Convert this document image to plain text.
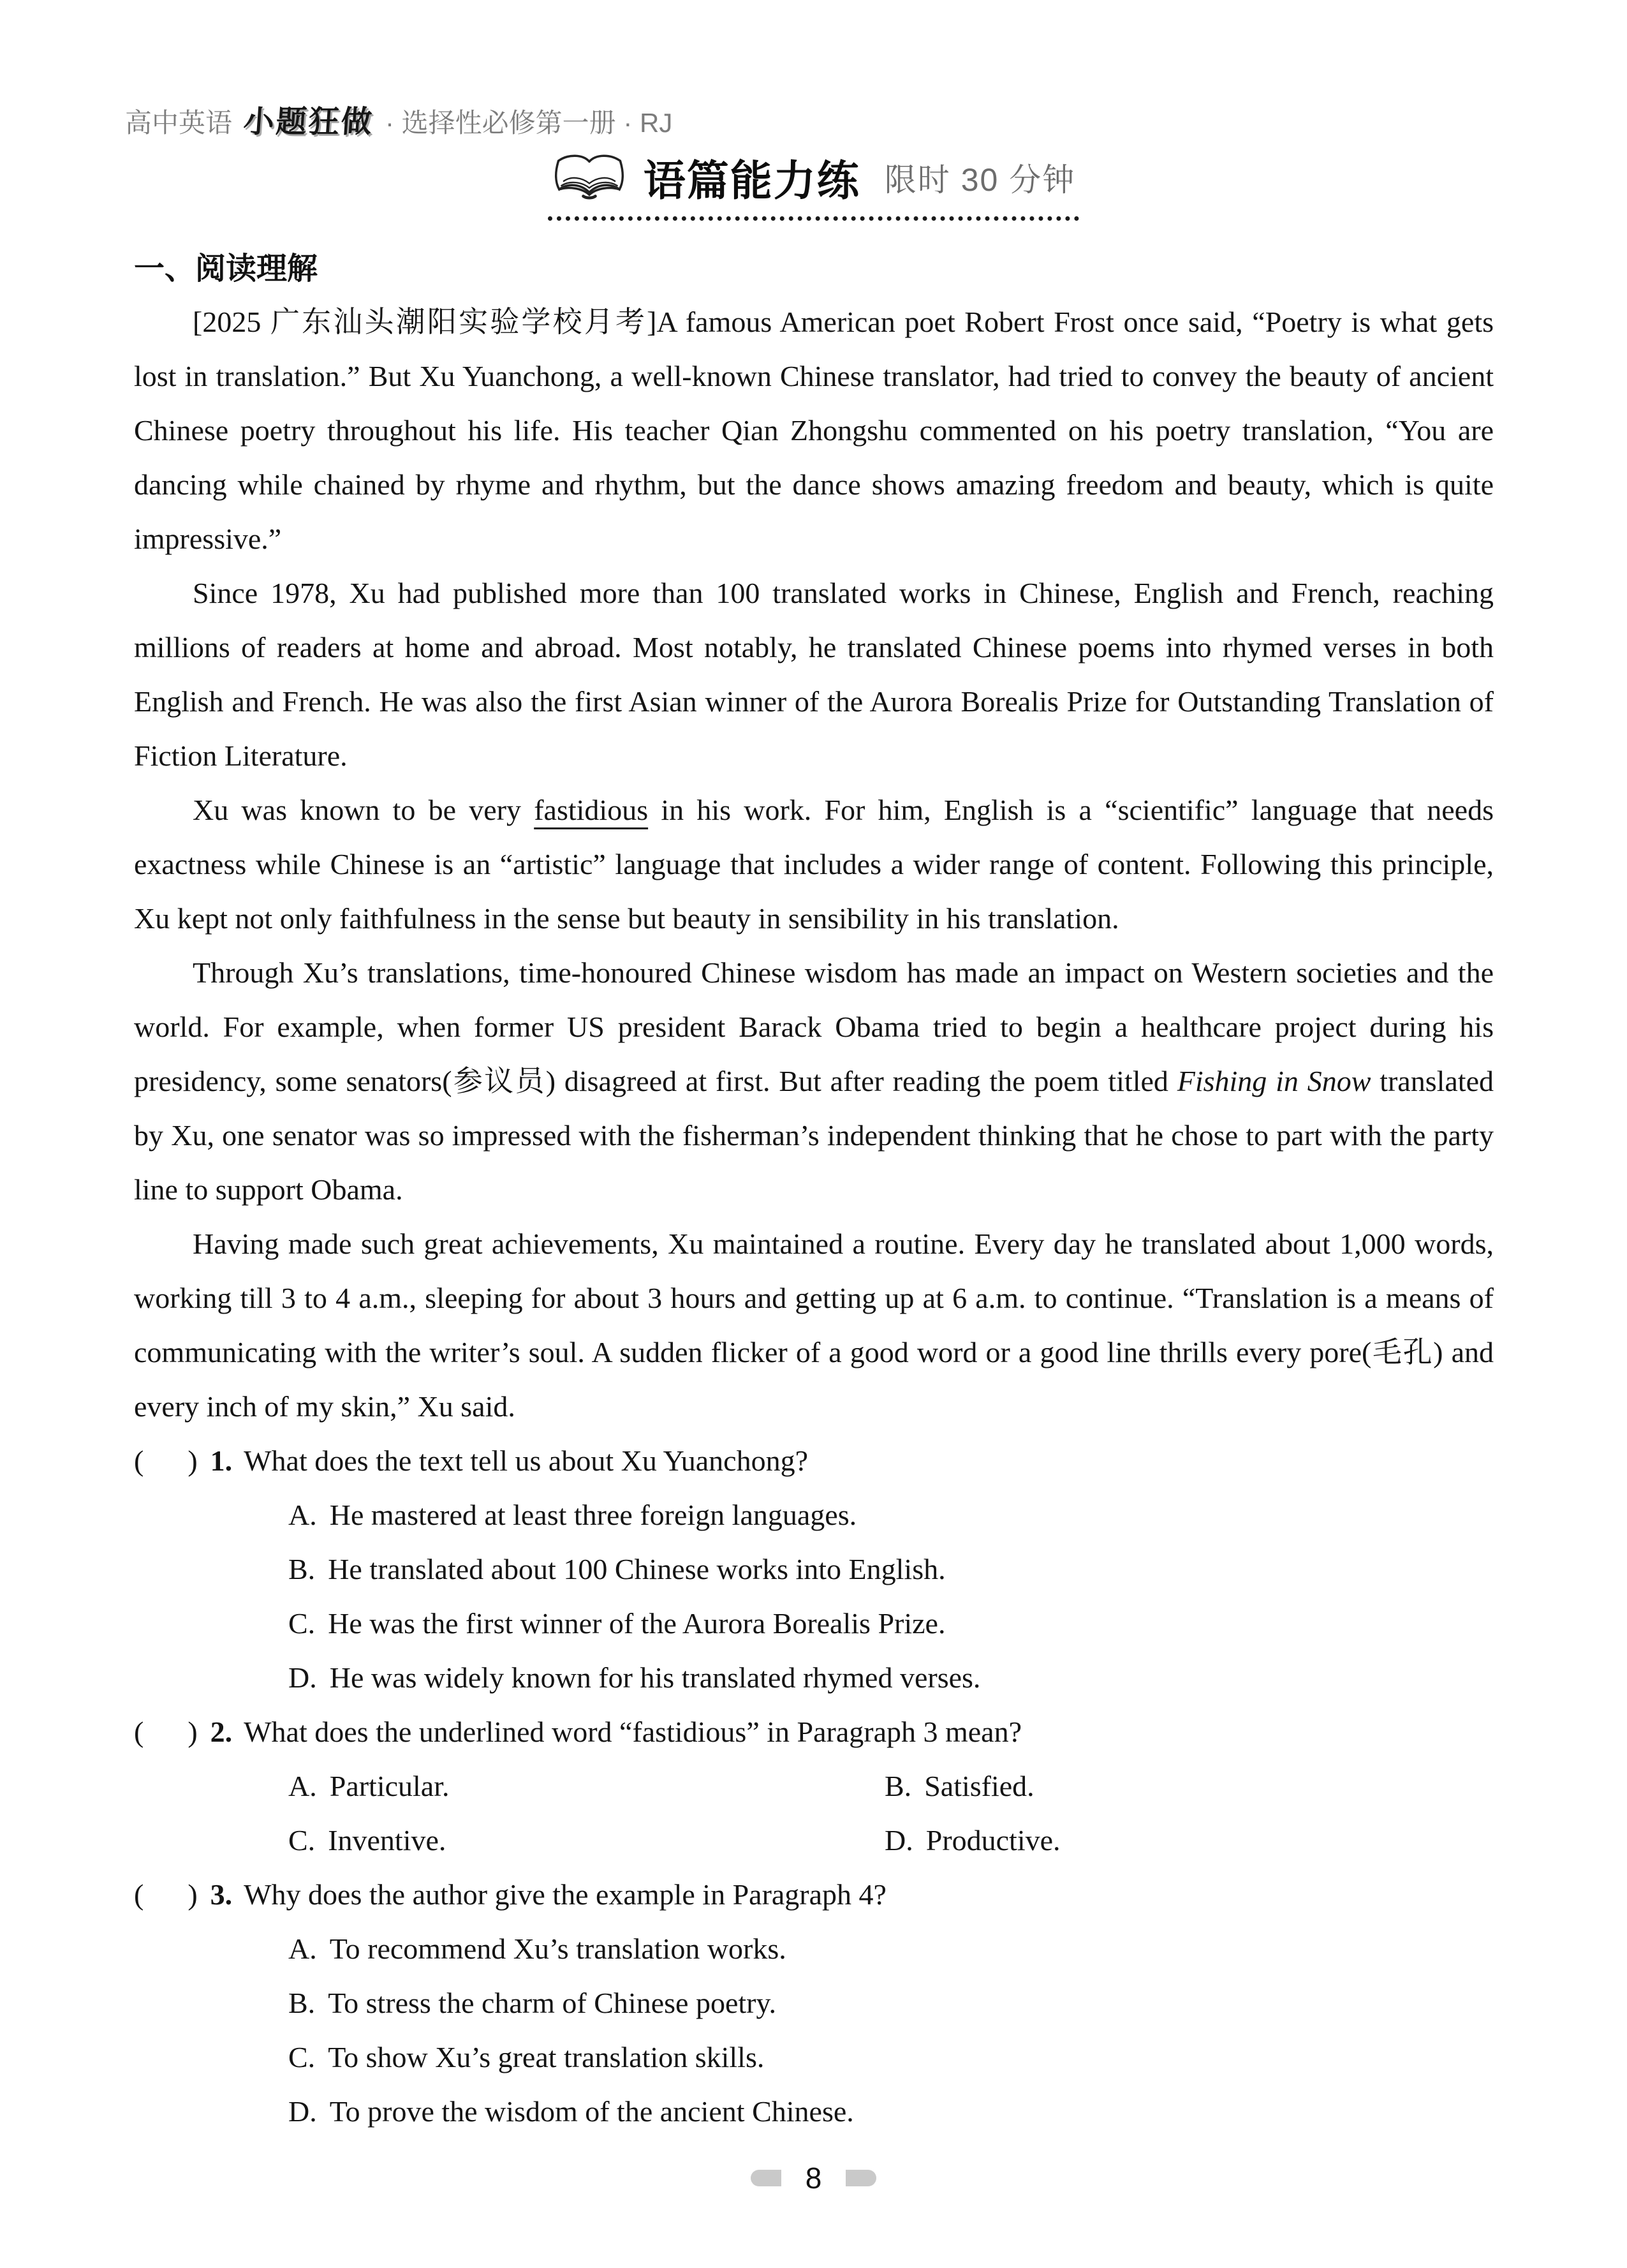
高中英语 小题狂做 · 选择性必修第一册 · RJ
语篇能力练 限时 30 分钟
一、阅读理解

[2025 广东汕头潮阳实验学校月考]A famous American poet Robert Frost once said, “Poetry is what gets lost in translation.” But Xu Yuanchong, a well-known Chinese translator, had tried to convey the beauty of ancient Chinese poetry throughout his life. His teacher Qian Zhongshu commented on his poetry translation, “You are dancing while chained by rhyme and rhythm, but the dance shows amazing freedom and beauty, which is quite impressive.”

Since 1978, Xu had published more than 100 translated works in Chinese, English and French, reaching millions of readers at home and abroad. Most notably, he translated Chinese poems into rhymed verses in both English and French. He was also the first Asian winner of the Aurora Borealis Prize for Outstanding Translation of Fiction Literature.

Xu was known to be very fastidious in his work. For him, English is a “scientific” language that needs exactness while Chinese is an “artistic” language that includes a wider range of content. Following this principle, Xu kept not only faithfulness in the sense but beauty in sensibility in his translation.

Through Xu’s translations, time-honoured Chinese wisdom has made an impact on Western societies and the world. For example, when former US president Barack Obama tried to begin a healthcare project during his presidency, some senators(参议员) disagreed at first. But after reading the poem titled Fishing in Snow translated by Xu, one senator was so impressed with the fisherman’s independent thinking that he chose to part with the party line to support Obama.

Having made such great achievements, Xu maintained a routine. Every day he translated about 1,000 words, working till 3 to 4 a.m., sleeping for about 3 hours and getting up at 6 a.m. to continue. “Translation is a means of communicating with the writer’s soul. A sudden flicker of a good word or a good line thrills every pore(毛孔) and every inch of my skin,” Xu said.

(      ) 1. What does the text tell us about Xu Yuanchong?

A. He mastered at least three foreign languages.
B. He translated about 100 Chinese works into English.
C. He was the first winner of the Aurora Borealis Prize.
D. He was widely known for his translated rhymed verses.

(      ) 2. What does the underlined word “fastidious” in Paragraph 3 mean?

A. Particular.	B. Satisfied.
C. Inventive.	D. Productive.

(      ) 3. Why does the author give the example in Paragraph 4?

A. To recommend Xu’s translation works.
B. To stress the charm of Chinese poetry.
C. To show Xu’s great translation skills.
D. To prove the wisdom of the ancient Chinese.
8
